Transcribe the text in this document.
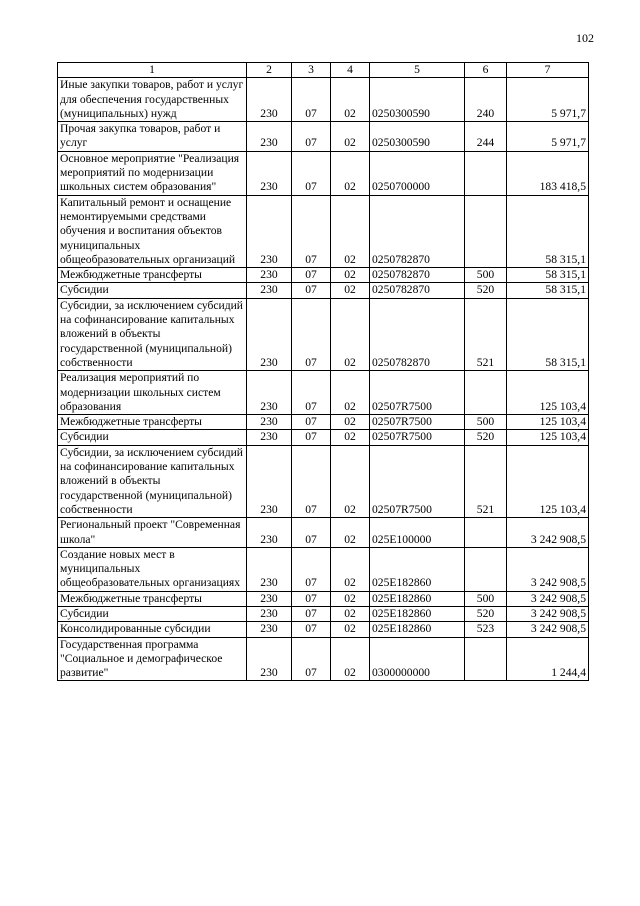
102
1	2	3	4	5	6	7
Иные закупки товаров, работ и услуг для обеспечения государственных (муниципальных) нужд	230	07	02	0250300590	240	5 971,7
Прочая закупка товаров, работ и услуг	230	07	02	0250300590	244	5 971,7
Основное мероприятие "Реализация мероприятий по модернизации школьных систем образования"	230	07	02	0250700000		183 418,5
Капитальный ремонт и оснащение немонтируемыми средствами обучения и воспитания объектов муниципальных общеобразовательных организаций	230	07	02	0250782870		58 315,1
Межбюджетные трансферты	230	07	02	0250782870	500	58 315,1
Субсидии	230	07	02	0250782870	520	58 315,1
Субсидии, за исключением субсидий на софинансирование капитальных вложений в объекты государственной (муниципальной) собственности	230	07	02	0250782870	521	58 315,1
Реализация мероприятий по модернизации школьных систем образования	230	07	02	02507R7500		125 103,4
Межбюджетные трансферты	230	07	02	02507R7500	500	125 103,4
Субсидии	230	07	02	02507R7500	520	125 103,4
Субсидии, за исключением субсидий на софинансирование капитальных вложений в объекты государственной (муниципальной) собственности	230	07	02	02507R7500	521	125 103,4
Региональный проект "Современная школа"	230	07	02	025E100000		3 242 908,5
Создание новых мест в муниципальных общеобразовательных организациях	230	07	02	025E182860		3 242 908,5
Межбюджетные трансферты	230	07	02	025E182860	500	3 242 908,5
Субсидии	230	07	02	025E182860	520	3 242 908,5
Консолидированные субсидии	230	07	02	025E182860	523	3 242 908,5
Государственная программа "Социальное и демографическое развитие"	230	07	02	0300000000		1 244,4
